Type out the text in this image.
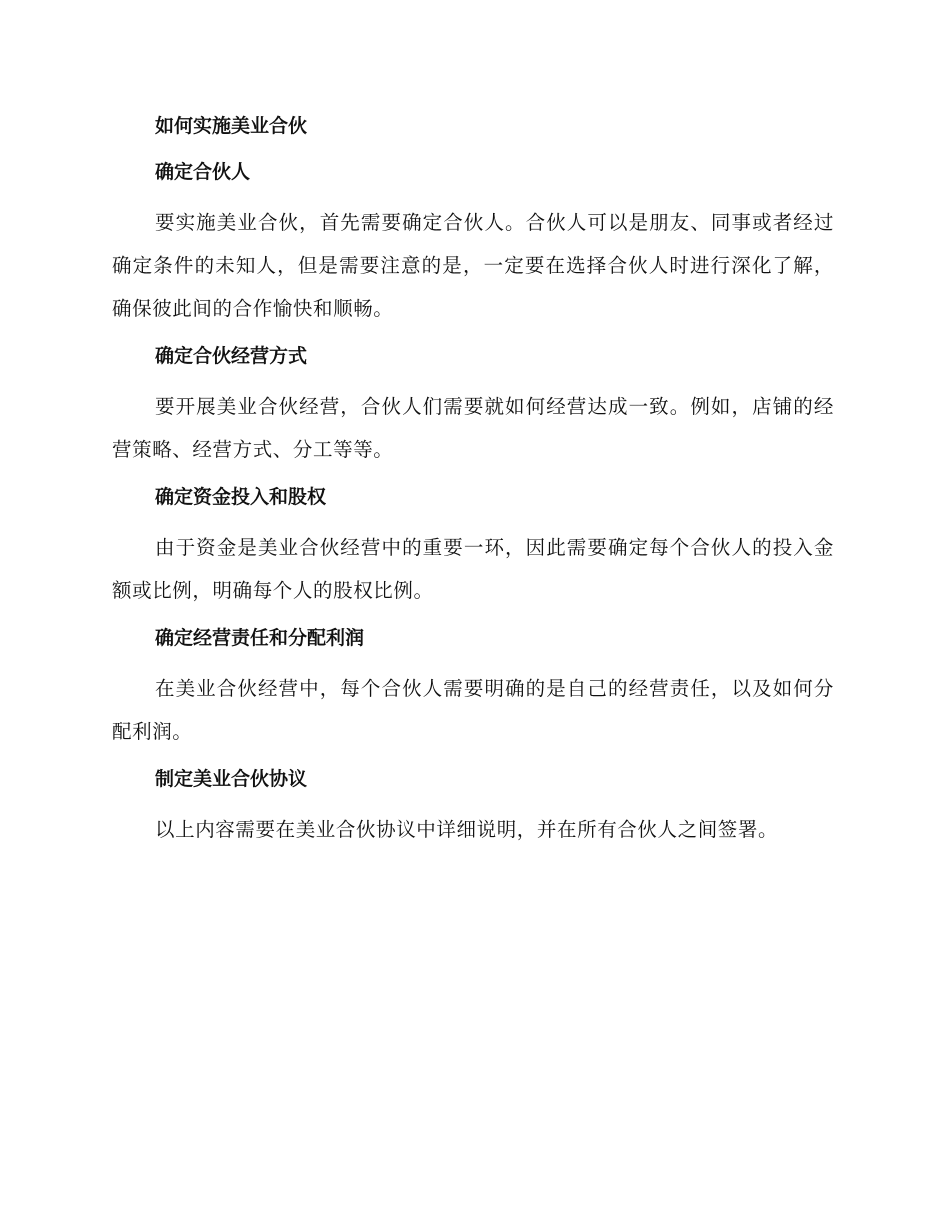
如何实施美业合伙
确定合伙人

要实施美业合伙，首先需要确定合伙人。合伙人可以是朋友、同事或者经过确定条件的未知人，但是需要注意的是，一定要在选择合伙人时进行深化了解，确保彼此间的合作愉快和顺畅。

确定合伙经营方式

要开展美业合伙经营，合伙人们需要就如何经营达成一致。例如，店铺的经营策略、经营方式、分工等等。

确定资金投入和股权

由于资金是美业合伙经营中的重要一环，因此需要确定每个合伙人的投入金额或比例，明确每个人的股权比例。

确定经营责任和分配利润

在美业合伙经营中，每个合伙人需要明确的是自己的经营责任，以及如何分配利润。

制定美业合伙协议

以上内容需要在美业合伙协议中详细说明，并在所有合伙人之间签署。
